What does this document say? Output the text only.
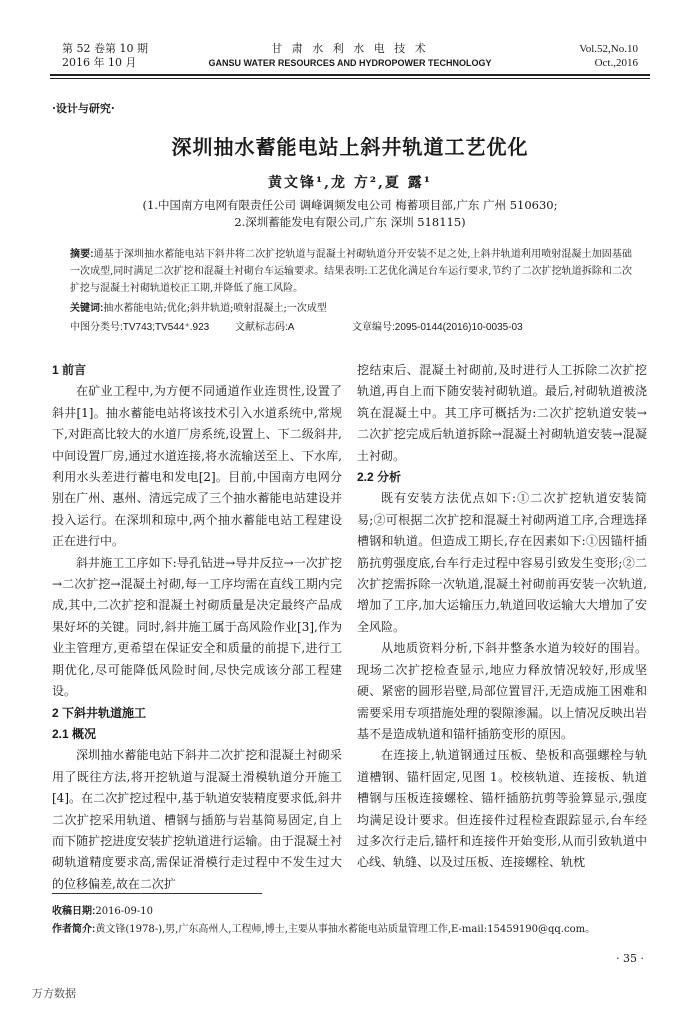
第 52 卷第 10 期
2016 年 10 月
甘 肃 水 利 水 电 技 术
GANSU WATER RESOURCES AND HYDROPOWER TECHNOLOGY
Vol.52,No.10
Oct.,2016
·设计与研究·
深圳抽水蓄能电站上斜井轨道工艺优化
黄文锋¹,龙 方²,夏 露¹
(1.中国南方电网有限责任公司 调峰调频发电公司 梅蓄项目部,广东 广州 510630;
2.深圳蓄能发电有限公司,广东 深圳 518115)
摘要:通基于深圳抽水蓄能电站下斜井将二次扩挖轨道与混凝土衬砌轨道分开安装不足之处,上斜井轨道利用喷射混凝土加固基础一次成型,同时满足二次扩挖和混凝土衬砌台车运输要求。结果表明:工艺优化满足台车运行要求,节约了二次扩挖轨道拆除和二次扩挖与混凝土衬砌轨道校正工期,并降低了施工风险。
关键词:抽水蓄能电站;优化;斜井轨道;喷射混凝土;一次成型
中图分类号:TV743;TV544⁺.923	文献标志码:A	文章编号:2095-0144(2016)10-0035-03
1 前言

在矿业工程中,为方便不同通道作业连贯性,设置了斜井[1]。抽水蓄能电站将该技术引入水道系统中,常规下,对距高比较大的水道厂房系统,设置上、下二级斜井,中间设置厂房,通过水道连接,将水流输送至上、下水库,利用水头差进行蓄电和发电[2]。目前,中国南方电网分别在广州、惠州、清远完成了三个抽水蓄能电站建设并投入运行。在深圳和琼中,两个抽水蓄能电站工程建设正在进行中。

斜井施工工序如下:导孔钻进→导井反拉→一次扩挖→二次扩挖→混凝土衬砌,每一工序均需在直线工期内完成,其中,二次扩挖和混凝土衬砌质量是决定最终产品成果好坏的关键。同时,斜井施工属于高风险作业[3],作为业主管理方,更希望在保证安全和质量的前提下,进行工期优化,尽可能降低风险时间,尽快完成该分部工程建设。

2 下斜井轨道施工
2.1 概况

深圳抽水蓄能电站下斜井二次扩挖和混凝土衬砌采用了既往方法,将开挖轨道与混凝土滑模轨道分开施工[4]。在二次扩挖过程中,基于轨道安装精度要求低,斜井二次扩挖采用轨道、槽钢与插筋与岩基简易固定,自上而下随扩挖进度安装扩挖轨道进行运输。由于混凝土衬砌轨道精度要求高,需保证滑模行走过程中不发生过大的位移偏差,故在二次扩

挖结束后、混凝土衬砌前,及时进行人工拆除二次扩挖轨道,再自上而下随安装衬砌轨道。最后,衬砌轨道被浇筑在混凝土中。其工序可概括为:二次扩挖轨道安装→二次扩挖完成后轨道拆除→混凝土衬砌轨道安装→混凝土衬砌。

2.2 分析

既有安装方法优点如下:①二次扩挖轨道安装简易;②可根据二次扩挖和混凝土衬砌两道工序,合理选择槽钢和轨道。但造成工期长,存在因素如下:①因锚杆插筋抗剪强度底,台车行走过程中容易引致发生变形;②二次扩挖需拆除一次轨道,混凝土衬砌前再安装一次轨道,增加了工序,加大运输压力,轨道回收运输大大增加了安全风险。

从地质资料分析,下斜井整条水道为较好的围岩。现场二次扩挖检查显示,地应力释放情况较好,形成坚硬、紧密的圆形岩壁,局部位置冒汗,无造成施工困难和需要采用专项措施处理的裂隙渗漏。以上情况反映出岩基不是造成轨道和锚杆插筋变形的原因。

在连接上,轨道钢通过压板、垫板和高强螺栓与轨道槽钢、锚杆固定,见图 1。校核轨道、连接板、轨道槽钢与压板连接螺栓、锚杆插筋抗剪等验算显示,强度均满足设计要求。但连接件过程检查跟踪显示,台车经过多次行走后,锚杆和连接件开始变形,从而引致轨道中心线、轨缝、以及过压板、连接螺栓、轨枕

收稿日期:2016-09-10
作者简介:黄文锋(1978-),男,广东高州人,工程师,博士,主要从事抽水蓄能电站质量管理工作,E-mail:15459190@qq.com。
· 35 ·
万方数据
